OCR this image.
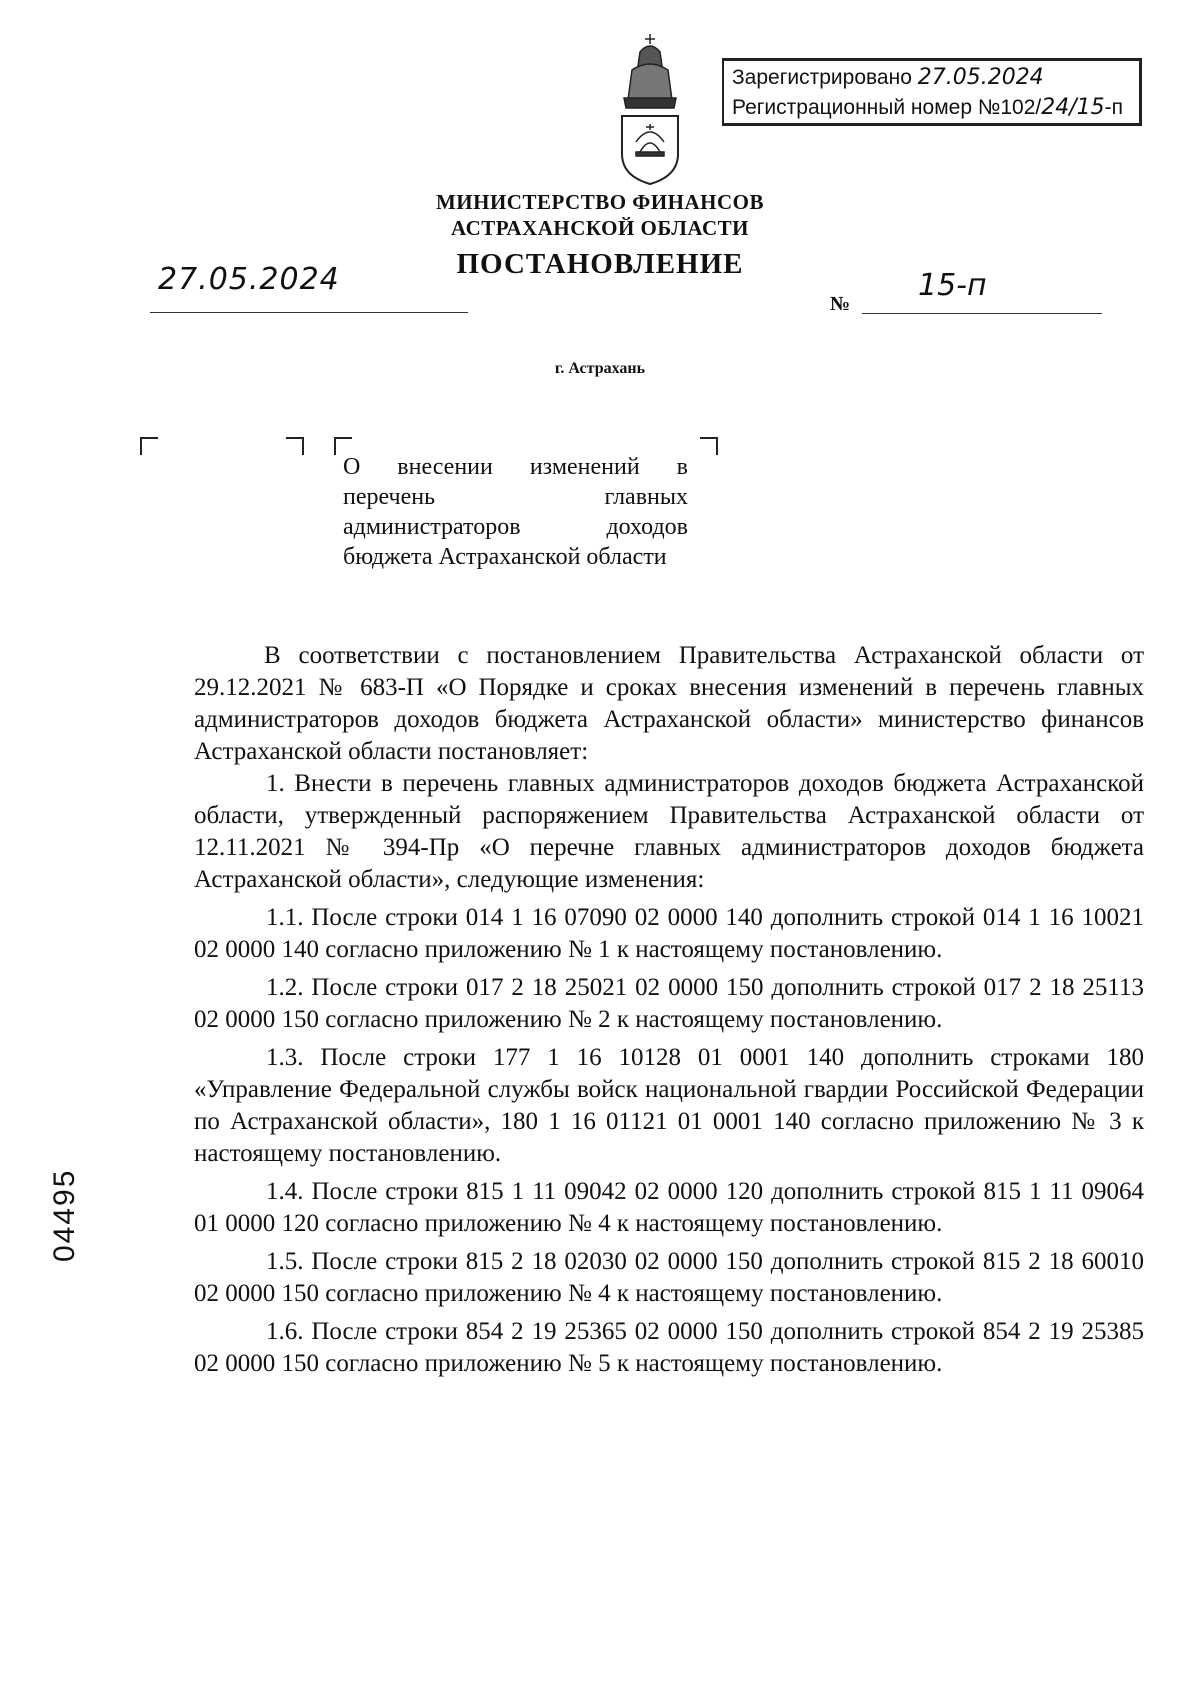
Зарегистрировано 27.05.2024
Регистрационный номер №102/24/15-п
МИНИСТЕРСТВО ФИНАНСОВ
АСТРАХАНСКОЙ ОБЛАСТИ
ПОСТАНОВЛЕНИЕ
27.05.2024
№
15-п
г. Астрахань
О внесении изменений в перечень главных администраторов доходов бюджета Астраханской области

В соответствии с постановлением Правительства Астраханской области от 29.12.2021 № 683-П «О Порядке и сроках внесения изменений в перечень главных администраторов доходов бюджета Астраханской области» министерство финансов Астраханской области постановляет:

1. Внести в перечень главных администраторов доходов бюджета Астраханской области, утвержденный распоряжением Правительства Астраханской области от 12.11.2021 № 394-Пр «О перечне главных администраторов доходов бюджета Астраханской области», следующие изменения:

1.1. После строки 014 1 16 07090 02 0000 140 дополнить строкой 014 1 16 10021 02 0000 140 согласно приложению № 1 к настоящему постановлению.

1.2. После строки 017 2 18 25021 02 0000 150 дополнить строкой 017 2 18 25113 02 0000 150 согласно приложению № 2 к настоящему постановлению.

1.3. После строки 177 1 16 10128 01 0001 140 дополнить строками 180 «Управление Федеральной службы войск национальной гвардии Российской Федерации по Астраханской области», 180 1 16 01121 01 0001 140 согласно приложению № 3 к настоящему постановлению.

1.4. После строки 815 1 11 09042 02 0000 120 дополнить строкой 815 1 11 09064 01 0000 120 согласно приложению № 4 к настоящему постановлению.

1.5. После строки 815 2 18 02030 02 0000 150 дополнить строкой 815 2 18 60010 02 0000 150 согласно приложению № 4 к настоящему постановлению.

1.6. После строки 854 2 19 25365 02 0000 150 дополнить строкой 854 2 19 25385 02 0000 150 согласно приложению № 5 к настоящему постановлению.

04495
